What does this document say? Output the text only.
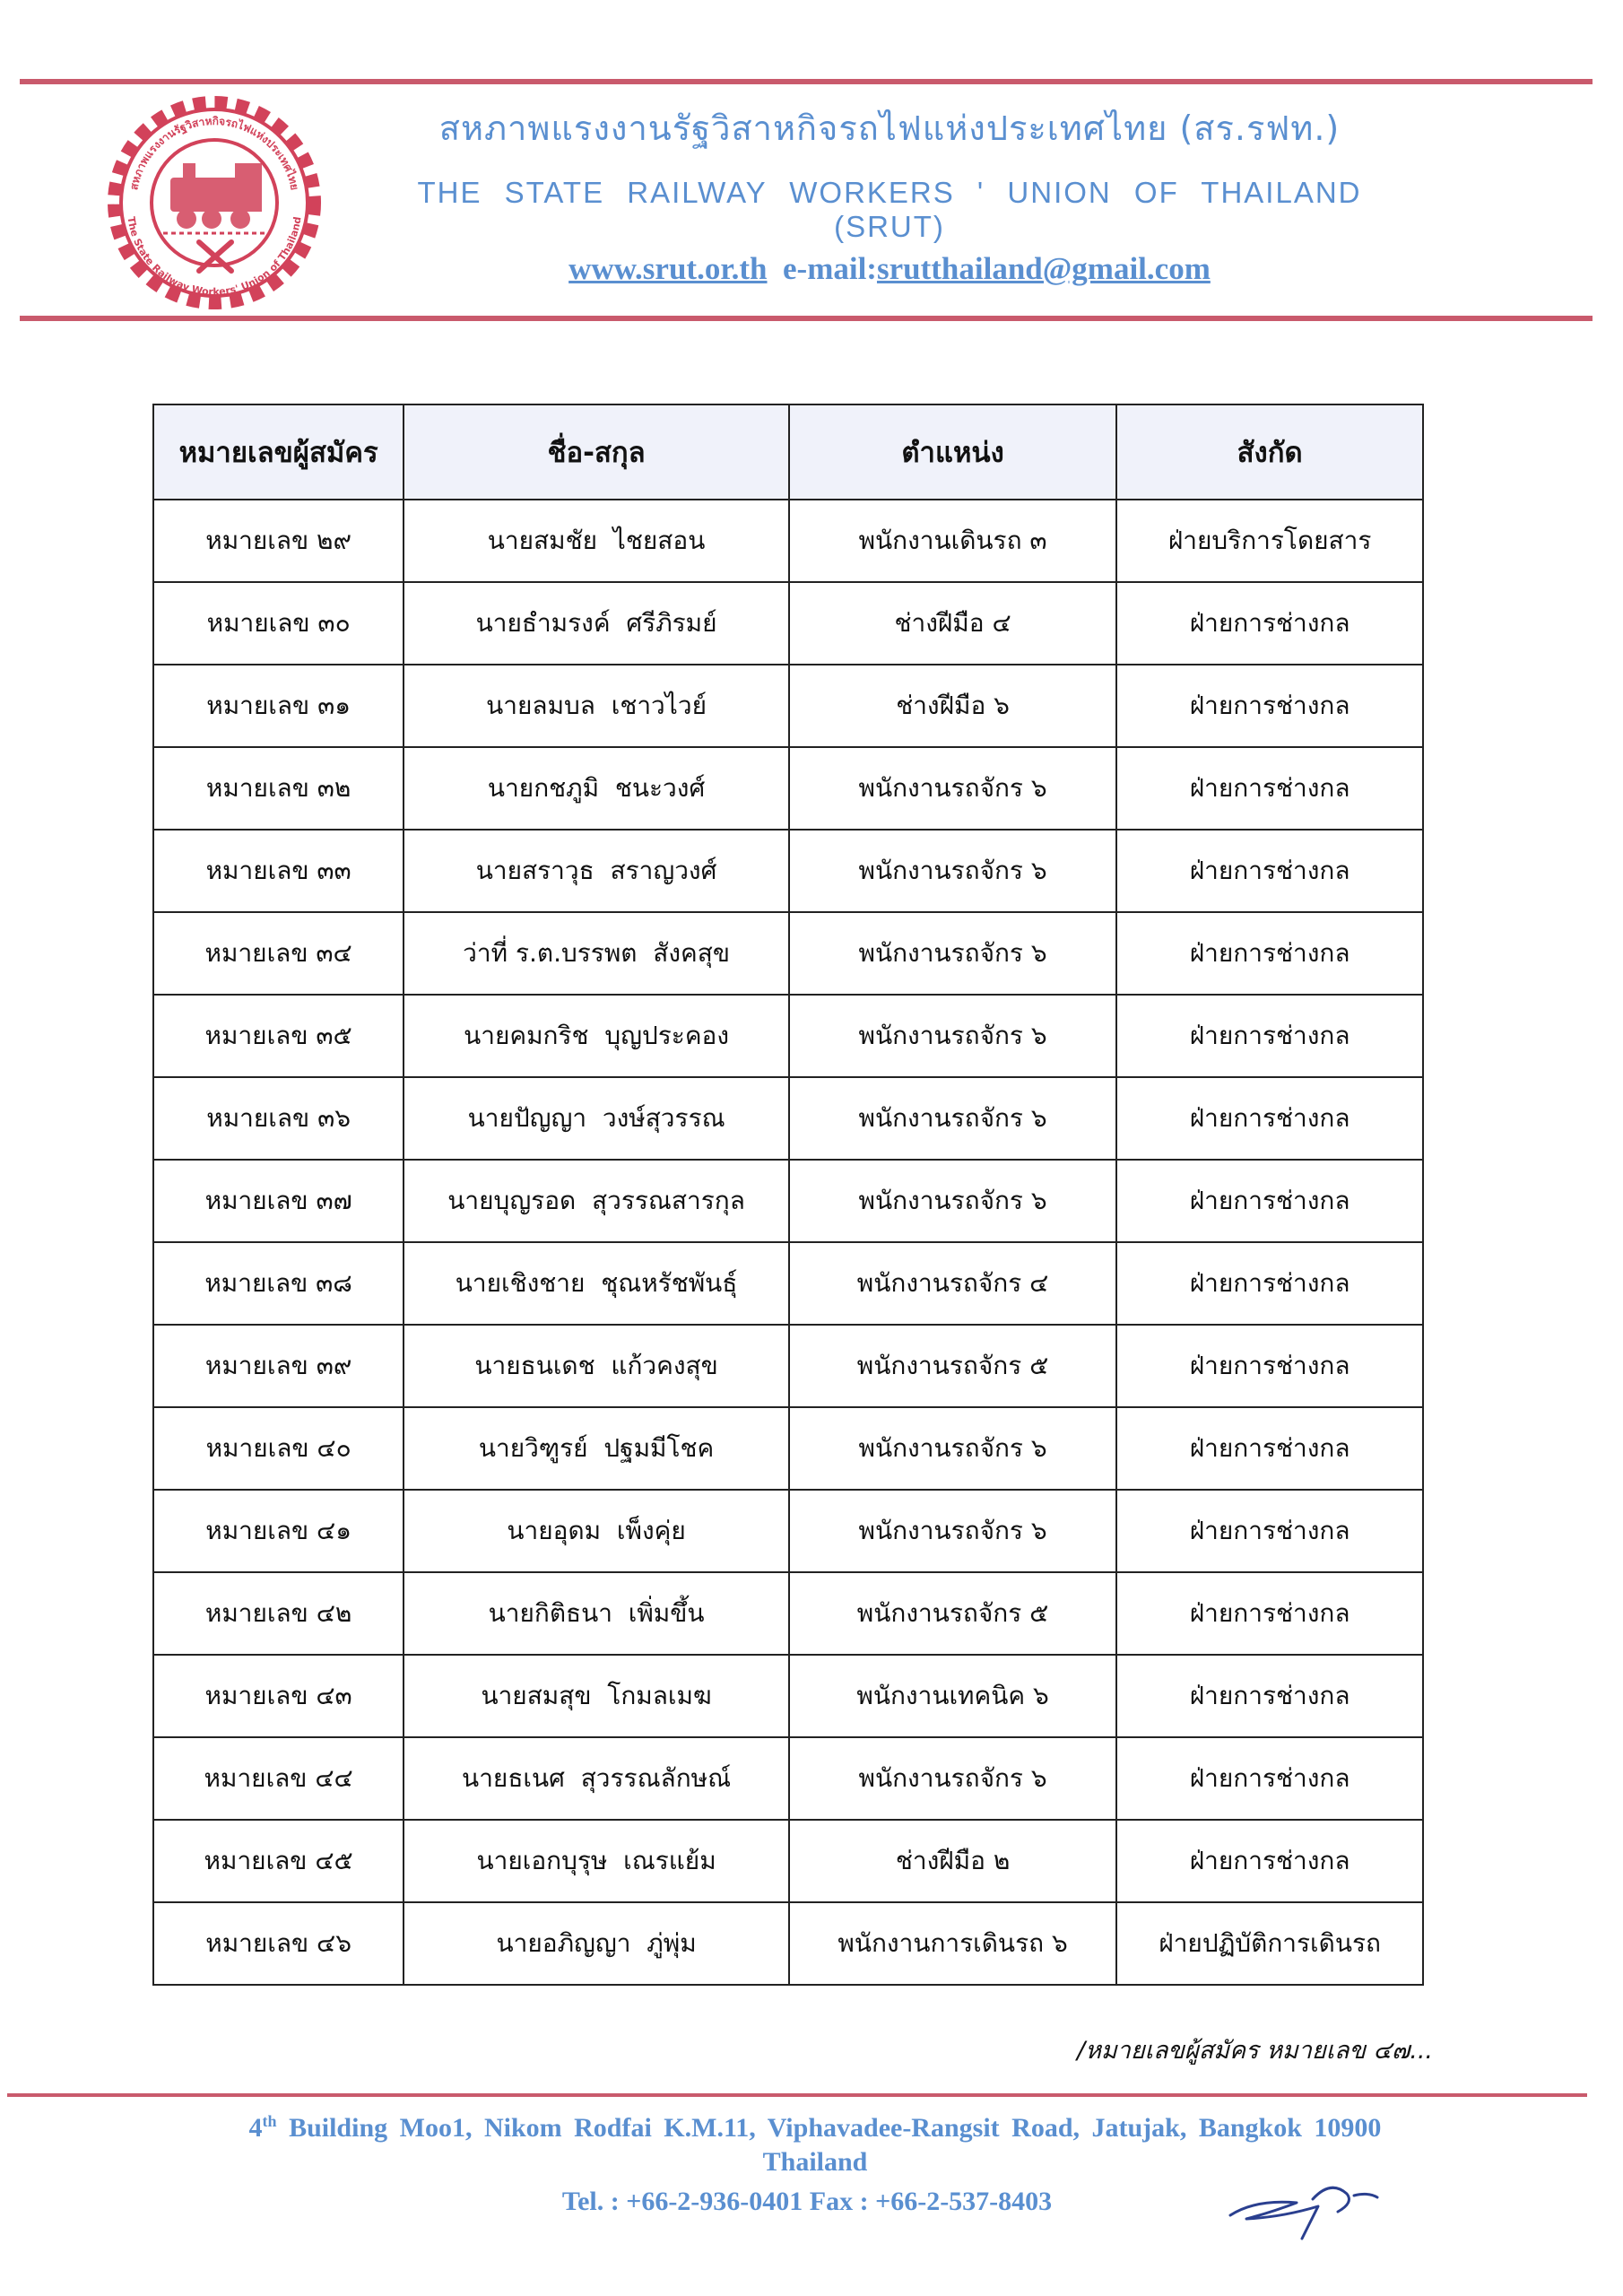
สหภาพแรงงานรัฐวิสาหกิจรถไฟแห่งประเทศไทย
The State Railway Workers' Union of Thailand
สหภาพแรงงานรัฐวิสาหกิจรถไฟแห่งประเทศไทย (สร.รฟท.)
THE STATE RAILWAY WORKERS ' UNION OF THAILAND (SRUT)
www.srut.or.th e-mail:srutthailand@gmail.com
หมายเลขผู้สมัคร	ชื่อ-สกุล	ตำแหน่ง	สังกัด
หมายเลข ๒๙	นายสมชัย  ไชยสอน	พนักงานเดินรถ ๓	ฝ่ายบริการโดยสาร
หมายเลข ๓๐	นายธำมรงค์  ศรีภิรมย์	ช่างฝีมือ ๔	ฝ่ายการช่างกล
หมายเลข ๓๑	นายลมบล  เชาวไวย์	ช่างฝีมือ ๖	ฝ่ายการช่างกล
หมายเลข ๓๒	นายกชภูมิ  ชนะวงศ์	พนักงานรถจักร ๖	ฝ่ายการช่างกล
หมายเลข ๓๓	นายสราวุธ  สราญวงศ์	พนักงานรถจักร ๖	ฝ่ายการช่างกล
หมายเลข ๓๔	ว่าที่ ร.ต.บรรพต  สังคสุข	พนักงานรถจักร ๖	ฝ่ายการช่างกล
หมายเลข ๓๕	นายคมกริช  บุญประคอง	พนักงานรถจักร ๖	ฝ่ายการช่างกล
หมายเลข ๓๖	นายปัญญา  วงษ์สุวรรณ	พนักงานรถจักร ๖	ฝ่ายการช่างกล
หมายเลข ๓๗	นายบุญรอด  สุวรรณสารกุล	พนักงานรถจักร ๖	ฝ่ายการช่างกล
หมายเลข ๓๘	นายเชิงชาย  ชุณหรัชพันธุ์	พนักงานรถจักร ๔	ฝ่ายการช่างกล
หมายเลข ๓๙	นายธนเดช  แก้วคงสุข	พนักงานรถจักร ๕	ฝ่ายการช่างกล
หมายเลข ๔๐	นายวิฑูรย์  ปฐมมีโชค	พนักงานรถจักร ๖	ฝ่ายการช่างกล
หมายเลข ๔๑	นายอุดม  เพ็งคุ่ย	พนักงานรถจักร ๖	ฝ่ายการช่างกล
หมายเลข ๔๒	นายกิติธนา  เพิ่มขึ้น	พนักงานรถจักร ๕	ฝ่ายการช่างกล
หมายเลข ๔๓	นายสมสุข  โกมลเมฆ	พนักงานเทคนิค ๖	ฝ่ายการช่างกล
หมายเลข ๔๔	นายธเนศ  สุวรรณลักษณ์	พนักงานรถจักร ๖	ฝ่ายการช่างกล
หมายเลข ๔๕	นายเอกบุรุษ  เณรแย้ม	ช่างฝีมือ ๒	ฝ่ายการช่างกล
หมายเลข ๔๖	นายอภิญญา  ภู่พุ่ม	พนักงานการเดินรถ ๖	ฝ่ายปฏิบัติการเดินรถ
/หมายเลขผู้สมัคร หมายเลข ๔๗...
4th Building Moo1, Nikom Rodfai K.M.11, Viphavadee-Rangsit Road, Jatujak, Bangkok 10900
Thailand
Tel. : +66-2-936-0401 Fax : +66-2-537-8403
